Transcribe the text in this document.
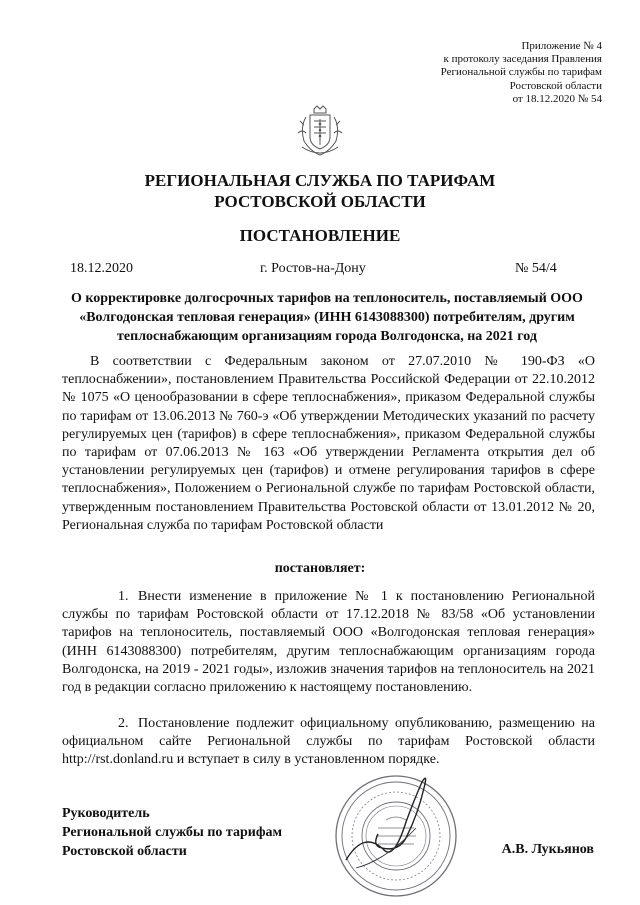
Приложение № 4
к протоколу заседания Правления
Региональной службы по тарифам
Ростовской области
от 18.12.2020 № 54
РЕГИОНАЛЬНАЯ СЛУЖБА ПО ТАРИФАМ
РОСТОВСКОЙ ОБЛАСТИ
ПОСТАНОВЛЕНИЕ
18.12.2020	г. Ростов-на-Дону	№ 54/4
О корректировке долгосрочных тарифов на теплоноситель, поставляемый ООО «Волгодонская тепловая генерация» (ИНН 6143088300) потребителям, другим теплоснабжающим организациям города Волгодонска, на 2021 год
В соответствии с Федеральным законом от 27.07.2010 № 190-ФЗ «О теплоснабжении», постановлением Правительства Российской Федерации от 22.10.2012 № 1075 «О ценообразовании в сфере теплоснабжения», приказом Федеральной службы по тарифам от 13.06.2013 № 760-э «Об утверждении Методических указаний по расчету регулируемых цен (тарифов) в сфере теплоснабжения», приказом Федеральной службы по тарифам от 07.06.2013 № 163 «Об утверждении Регламента открытия дел об установлении регулируемых цен (тарифов) и отмене регулирования тарифов в сфере теплоснабжения», Положением о Региональной службе по тарифам Ростовской области, утвержденным постановлением Правительства Ростовской области от 13.01.2012 № 20, Региональная служба по тарифам Ростовской области
постановляет:
1. Внести изменение в приложение № 1 к постановлению Региональной службы по тарифам Ростовской области от 17.12.2018 № 83/58 «Об установлении тарифов на теплоноситель, поставляемый ООО «Волгодонская тепловая генерация» (ИНН 6143088300) потребителям, другим теплоснабжающим организациям города Волгодонска, на 2019 - 2021 годы», изложив значения тарифов на теплоноситель на 2021 год в редакции согласно приложению к настоящему постановлению.
2. Постановление подлежит официальному опубликованию, размещению на официальном сайте Региональной службы по тарифам Ростовской области http://rst.donland.ru и вступает в силу в установленном порядке.
Руководитель
Региональной службы по тарифам
Ростовской области	А.В. Лукьянов
